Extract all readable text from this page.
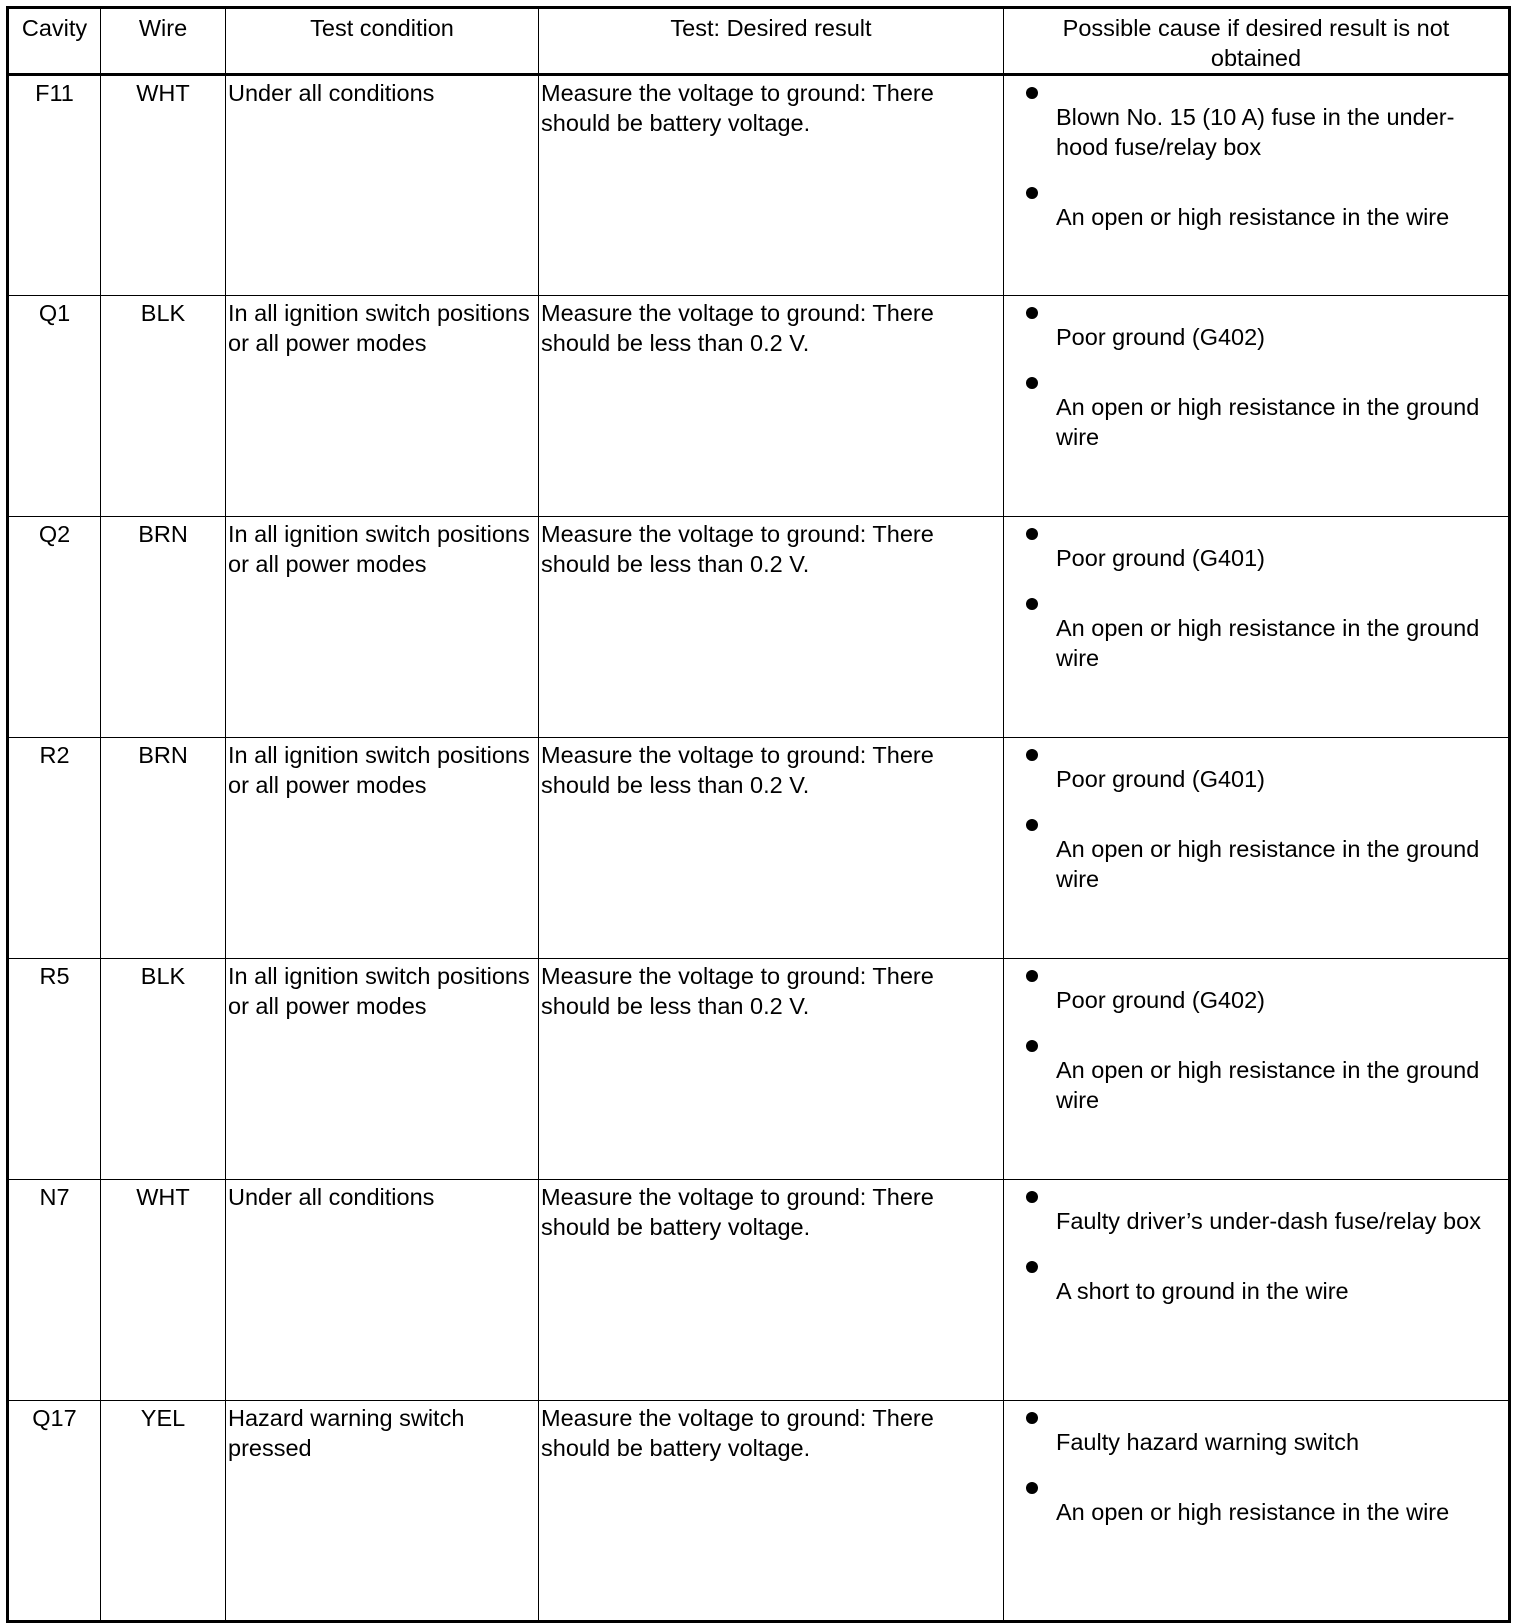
Cavity	Wire	Test condition	Test: Desired result	Possible cause if desired result is not obtained
F11	WHT	Under all conditions	Measure the voltage to ground: There should be battery voltage.	Blown No. 15 (10 A) fuse in the under-hood fuse/relay box
An open or high resistance in the wire

Q1	BLK	In all ignition switch positions or all power modes	Measure the voltage to ground: There should be less than 0.2 V.	Poor ground (G402)
An open or high resistance in the ground wire

Q2	BRN	In all ignition switch positions or all power modes	Measure the voltage to ground: There should be less than 0.2 V.	Poor ground (G401)
An open or high resistance in the ground wire

R2	BRN	In all ignition switch positions or all power modes	Measure the voltage to ground: There should be less than 0.2 V.	Poor ground (G401)
An open or high resistance in the ground wire

R5	BLK	In all ignition switch positions or all power modes	Measure the voltage to ground: There should be less than 0.2 V.	Poor ground (G402)
An open or high resistance in the ground wire

N7	WHT	Under all conditions	Measure the voltage to ground: There should be battery voltage.	Faulty driver’s under-dash fuse/relay box
A short to ground in the wire

Q17	YEL	Hazard warning switch pressed	Measure the voltage to ground: There should be battery voltage.	Faulty hazard warning switch
An open or high resistance in the wire
